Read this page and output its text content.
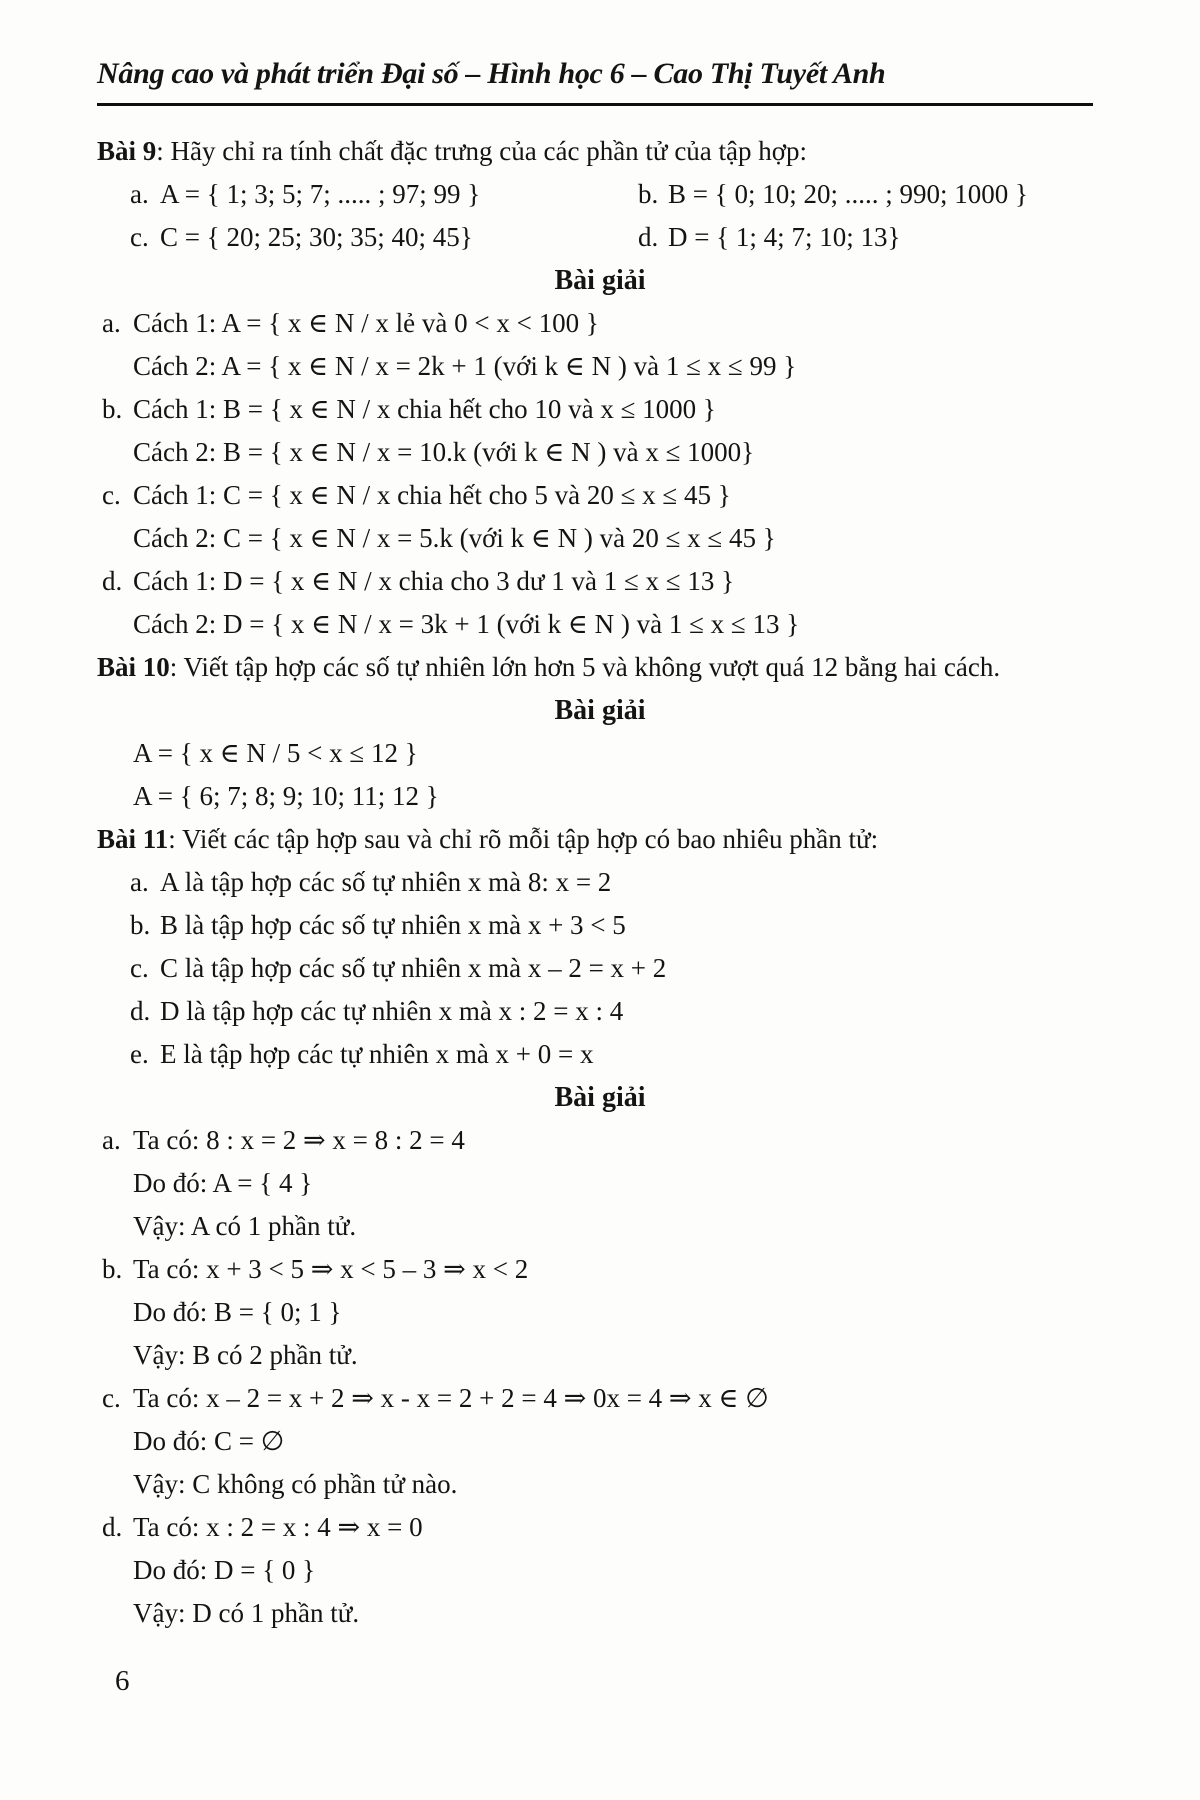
Nâng cao và phát triển Đại số – Hình học 6 – Cao Thị Tuyết Anh
Bài 9: Hãy chỉ ra tính chất đặc trưng của các phần tử của tập hợp:
a. A = { 1; 3; 5; 7; ..... ; 97; 99 }	b. B = { 0; 10; 20; ..... ; 990; 1000 }
c. C = { 20; 25; 30; 35; 40; 45}	d. D = { 1; 4; 7; 10; 13}
Bài giải
a. Cách 1: A = { x ∈ N / x lẻ và 0 < x < 100 }
Cách 2: A = { x ∈ N / x = 2k + 1 (với k ∈ N ) và 1 ≤ x ≤ 99 }
b. Cách 1: B = { x ∈ N / x chia hết cho 10 và x ≤ 1000 }
Cách 2: B = { x ∈ N / x = 10.k (với k ∈ N ) và x ≤ 1000}
c. Cách 1: C = { x ∈ N / x chia hết cho 5 và 20 ≤ x ≤ 45 }
Cách 2: C = { x ∈ N / x = 5.k (với k ∈ N ) và 20 ≤ x ≤ 45 }
d. Cách 1: D = { x ∈ N / x chia cho 3 dư 1 và 1 ≤ x ≤ 13 }
Cách 2: D = { x ∈ N / x = 3k + 1 (với k ∈ N ) và 1 ≤ x ≤ 13 }
Bài 10: Viết tập hợp các số tự nhiên lớn hơn 5 và không vượt quá 12 bằng hai cách.
Bài giải
A = { x ∈ N / 5 < x ≤ 12 }
A = { 6; 7; 8; 9; 10; 11; 12 }
Bài 11: Viết các tập hợp sau và chỉ rõ mỗi tập hợp có bao nhiêu phần tử:
a. A là tập hợp các số tự nhiên x mà 8: x = 2
b. B là tập hợp các số tự nhiên x mà x + 3 < 5
c. C là tập hợp các số tự nhiên x mà x – 2 = x + 2
d. D là tập hợp các tự nhiên x mà x : 2 = x : 4
e. E là tập hợp các tự nhiên x mà x + 0 = x
Bài giải
a. Ta có: 8 : x = 2 ⇒ x = 8 : 2 = 4
Do đó: A = { 4 }
Vậy: A có 1 phần tử.
b. Ta có: x + 3 < 5 ⇒ x < 5 – 3 ⇒ x < 2
Do đó: B = { 0; 1 }
Vậy: B có 2 phần tử.
c. Ta có: x – 2 = x + 2 ⇒ x - x = 2 + 2 = 4 ⇒ 0x = 4 ⇒ x ∈ ∅
Do đó: C = ∅
Vậy: C không có phần tử nào.
d. Ta có: x : 2 = x : 4 ⇒ x = 0
Do đó: D = { 0 }
Vậy: D có 1 phần tử.
6
